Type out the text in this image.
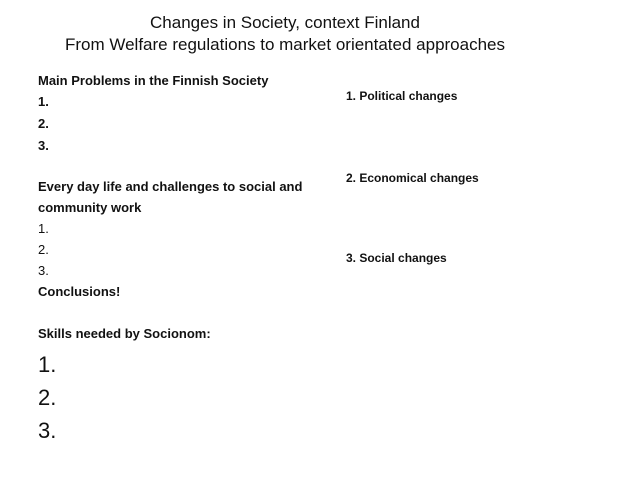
Changes in Society, context Finland
From Welfare regulations to market orientated approaches
Main Problems in the Finnish Society
1.
2.
3.
Every day life and challenges to social and community work
1.
2.
3.
Conclusions!
Skills needed by Socionom:
1.
2.
3.
1. Political changes
2. Economical changes
3. Social changes
